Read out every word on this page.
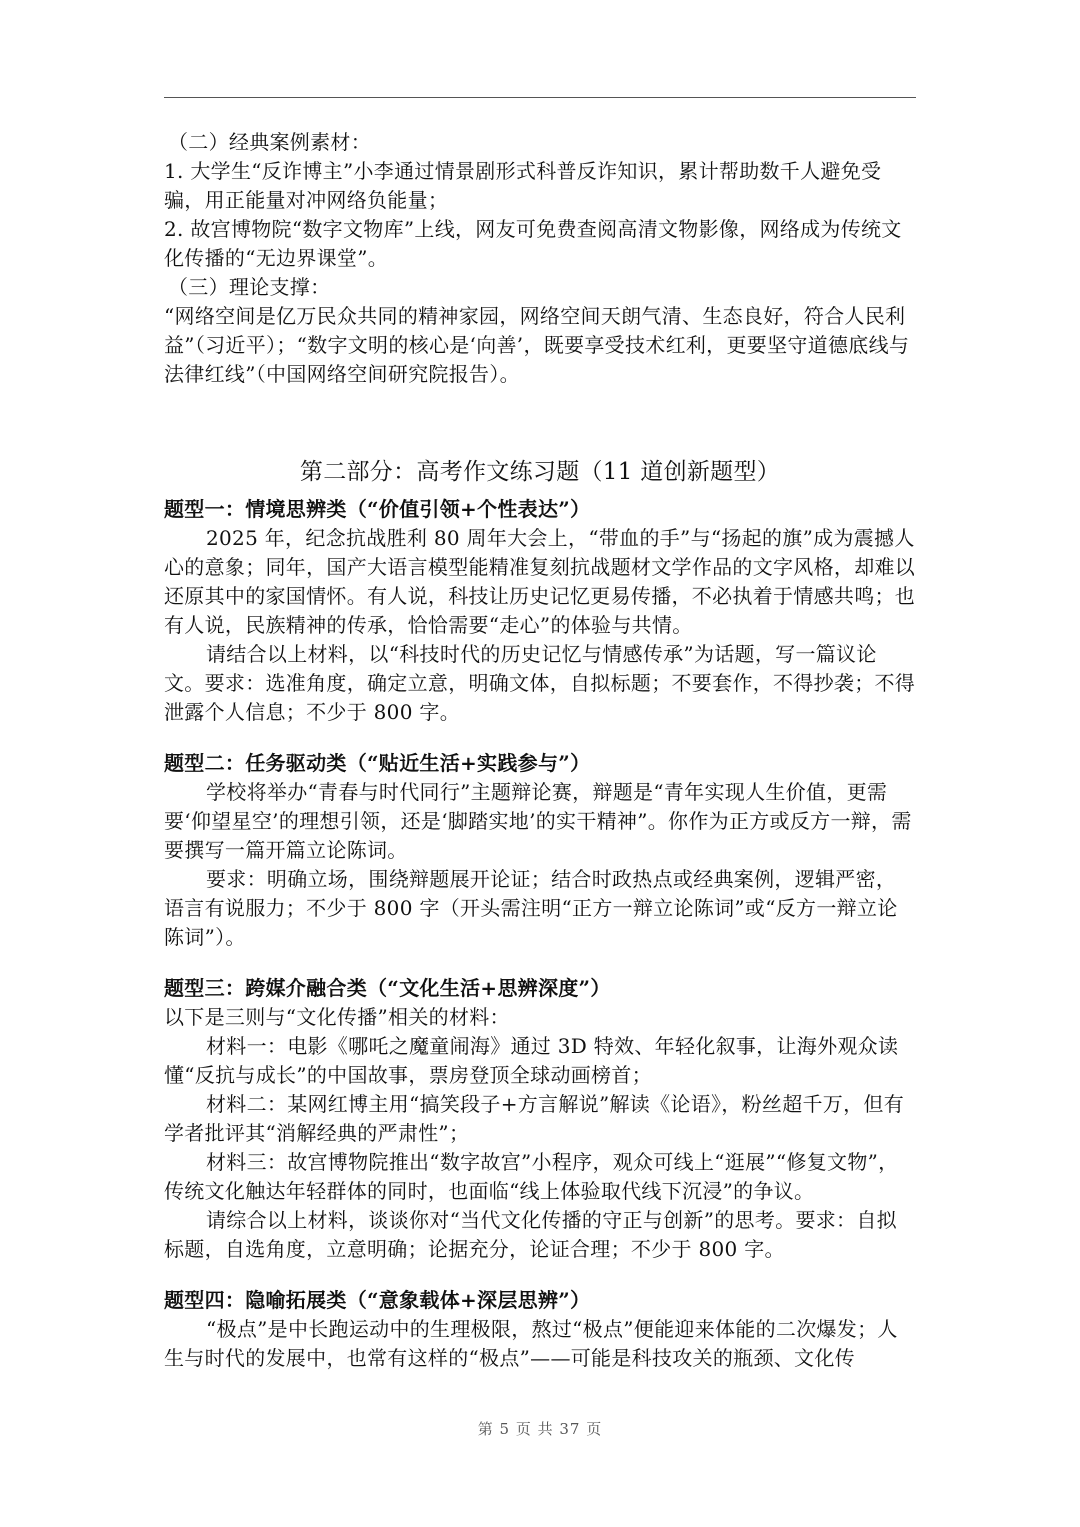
（二）经典案例素材：

1. 大学生“反诈博主”小李通过情景剧形式科普反诈知识，累计帮助数千人避免受骗，用正能量对冲网络负能量；

2. 故宫博物院“数字文物库”上线，网友可免费查阅高清文物影像，网络成为传统文化传播的“无边界课堂”。

（三）理论支撑：

“网络空间是亿万民众共同的精神家园，网络空间天朗气清、生态良好，符合人民利益”（习近平）；“数字文明的核心是‘向善’，既要享受技术红利，更要坚守道德底线与法律红线”（中国网络空间研究院报告）。

第二部分：高考作文练习题（11 道创新题型）

题型一：情境思辨类（“价值引领+个性表达”）

2025 年，纪念抗战胜利 80 周年大会上，“带血的手”与“扬起的旗”成为震撼人心的意象；同年，国产大语言模型能精准复刻抗战题材文学作品的文字风格，却难以还原其中的家国情怀。有人说，科技让历史记忆更易传播，不必执着于情感共鸣；也有人说，民族精神的传承，恰恰需要“走心”的体验与共情。

请结合以上材料，以“科技时代的历史记忆与情感传承”为话题，写一篇议论文。要求：选准角度，确定立意，明确文体，自拟标题；不要套作，不得抄袭；不得泄露个人信息；不少于 800 字。

题型二：任务驱动类（“贴近生活+实践参与”）

学校将举办“青春与时代同行”主题辩论赛，辩题是“青年实现人生价值，更需要‘仰望星空’的理想引领，还是‘脚踏实地’的实干精神”。你作为正方或反方一辩，需要撰写一篇开篇立论陈词。

要求：明确立场，围绕辩题展开论证；结合时政热点或经典案例，逻辑严密，语言有说服力；不少于 800 字（开头需注明“正方一辩立论陈词”或“反方一辩立论陈词”）。

题型三：跨媒介融合类（“文化生活+思辨深度”）

以下是三则与“文化传播”相关的材料：

材料一：电影《哪吒之魔童闹海》通过 3D 特效、年轻化叙事，让海外观众读懂“反抗与成长”的中国故事，票房登顶全球动画榜首；

材料二：某网红博主用“搞笑段子+方言解说”解读《论语》，粉丝超千万，但有学者批评其“消解经典的严肃性”；

材料三：故宫博物院推出“数字故宫”小程序，观众可线上“逛展”“修复文物”，传统文化触达年轻群体的同时，也面临“线上体验取代线下沉浸”的争议。

请综合以上材料，谈谈你对“当代文化传播的守正与创新”的思考。要求：自拟标题，自选角度，立意明确；论据充分，论证合理；不少于 800 字。

题型四：隐喻拓展类（“意象载体+深层思辨”）

“极点”是中长跑运动中的生理极限，熬过“极点”便能迎来体能的二次爆发；人生与时代的发展中，也常有这样的“极点”——可能是科技攻关的瓶颈、文化传

第 5 页 共 37 页
